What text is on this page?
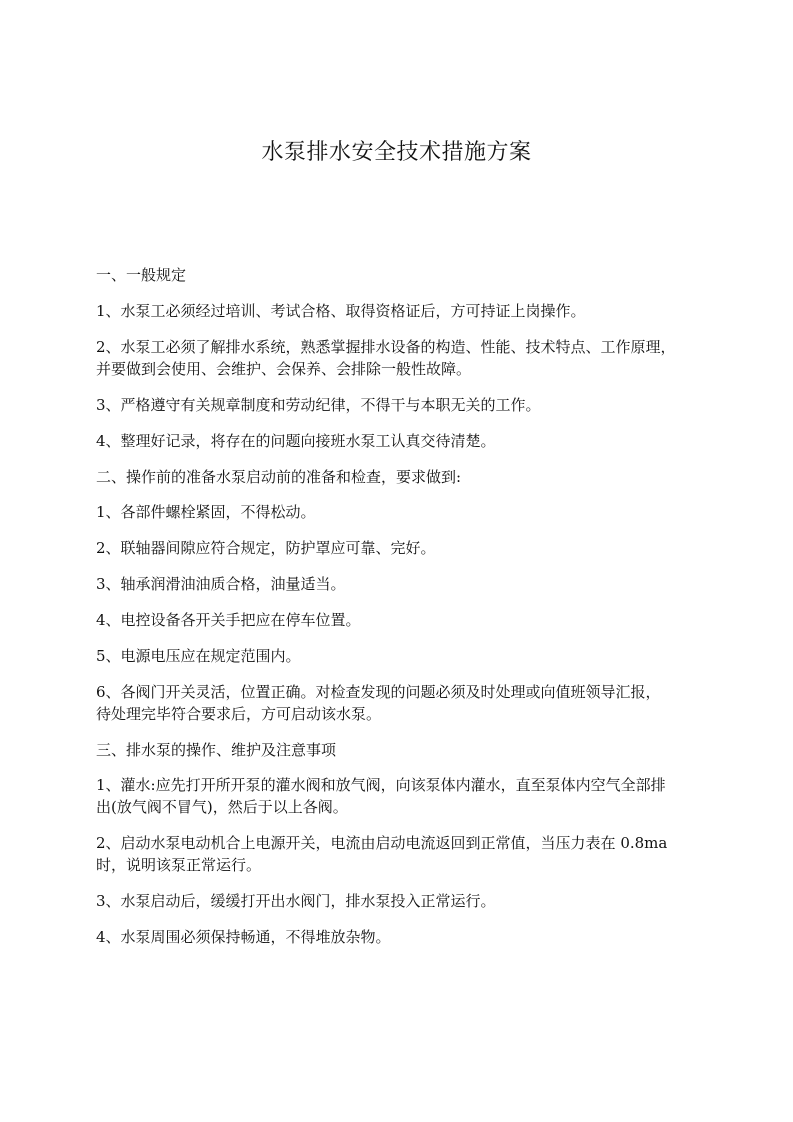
水泵排水安全技术措施方案

一、一般规定

1、水泵工必须经过培训、考试合格、取得资格证后，方可持证上岗操作。

2、水泵工必须了解排水系统，熟悉掌握排水设备的构造、性能、技术特点、工作原理，

并要做到会使用、会维护、会保养、会排除一般性故障。

3、严格遵守有关规章制度和劳动纪律，不得干与本职无关的工作。

4、整理好记录，将存在的问题向接班水泵工认真交待清楚。

二、操作前的准备水泵启动前的准备和检查，要求做到:

1、各部件螺栓紧固，不得松动。

2、联轴器间隙应符合规定，防护罩应可靠、完好。

3、轴承润滑油油质合格，油量适当。

4、电控设备各开关手把应在停车位置。

5、电源电压应在规定范围内。

6、各阀门开关灵活，位置正确。对检查发现的问题必须及时处理或向值班领导汇报，

待处理完毕符合要求后，方可启动该水泵。

三、排水泵的操作、维护及注意事项

1、灌水:应先打开所开泵的灌水阀和放气阀，向该泵体内灌水，直至泵体内空气全部排

出(放气阀不冒气)，然后于以上各阀。

2、启动水泵电动机合上电源开关，电流由启动电流返回到正常值，当压力表在 0.8ma

时，说明该泵正常运行。

3、水泵启动后，缓缓打开出水阀门，排水泵投入正常运行。

4、水泵周围必须保持畅通，不得堆放杂物。
